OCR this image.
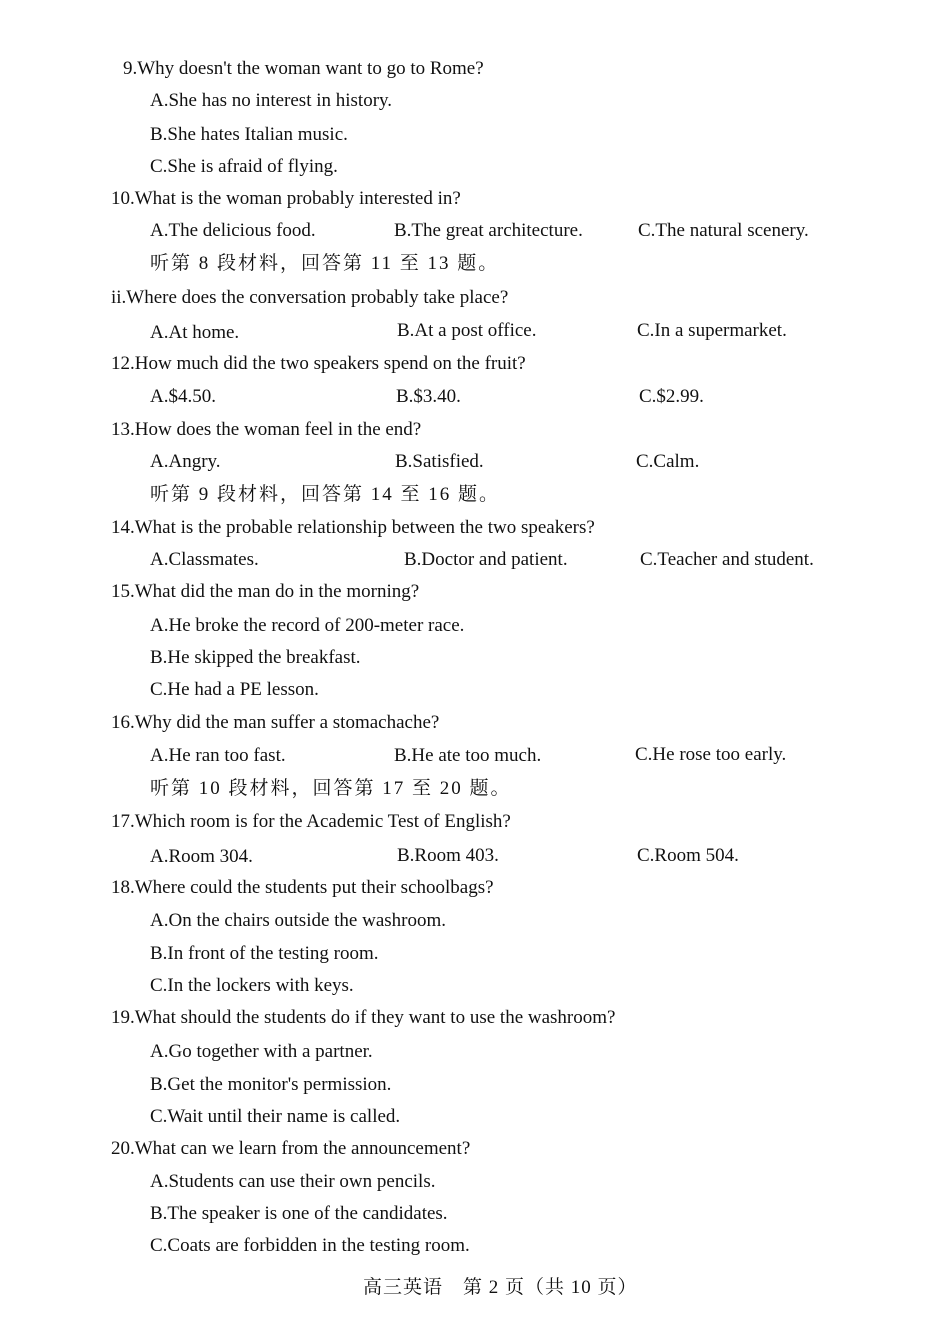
9.Why doesn't the woman want to go to Rome?
A.She has no interest in history.
B.She hates Italian music.
C.She is afraid of flying.
10.What is the woman probably interested in?
A.The delicious food.	B.The great architecture.	C.The natural scenery.
听第 8 段材料，回答第 11 至 13 题。
ii.Where does the conversation probably take place?
A.At home.	B.At a post office.	C.In a supermarket.
12.How much did the two speakers spend on the fruit?
A.$4.50.	B.$3.40.	C.$2.99.
13.How does the woman feel in the end?
A.Angry.	B.Satisfied.	C.Calm.
听第 9 段材料，回答第 14 至 16 题。
14.What is the probable relationship between the two speakers?
A.Classmates.	B.Doctor and patient.	C.Teacher and student.
15.What did the man do in the morning?
A.He broke the record of 200-meter race.
B.He skipped the breakfast.
C.He had a PE lesson.
16.Why did the man suffer a stomachache?
A.He ran too fast.	B.He ate too much.	C.He rose too early.
听第 10 段材料，回答第 17 至 20 题。
17.Which room is for the Academic Test of English?
A.Room 304.	B.Room 403.	C.Room 504.
18.Where could the students put their schoolbags?
A.On the chairs outside the washroom.
B.In front of the testing room.
C.In the lockers with keys.
19.What should the students do if they want to use the washroom?
A.Go together with a partner.
B.Get the monitor's permission.
C.Wait until their name is called.
20.What can we learn from the announcement?
A.Students can use their own pencils.
B.The speaker is one of the candidates.
C.Coats are forbidden in the testing room.
高三英语　第 2 页（共 10 页）
